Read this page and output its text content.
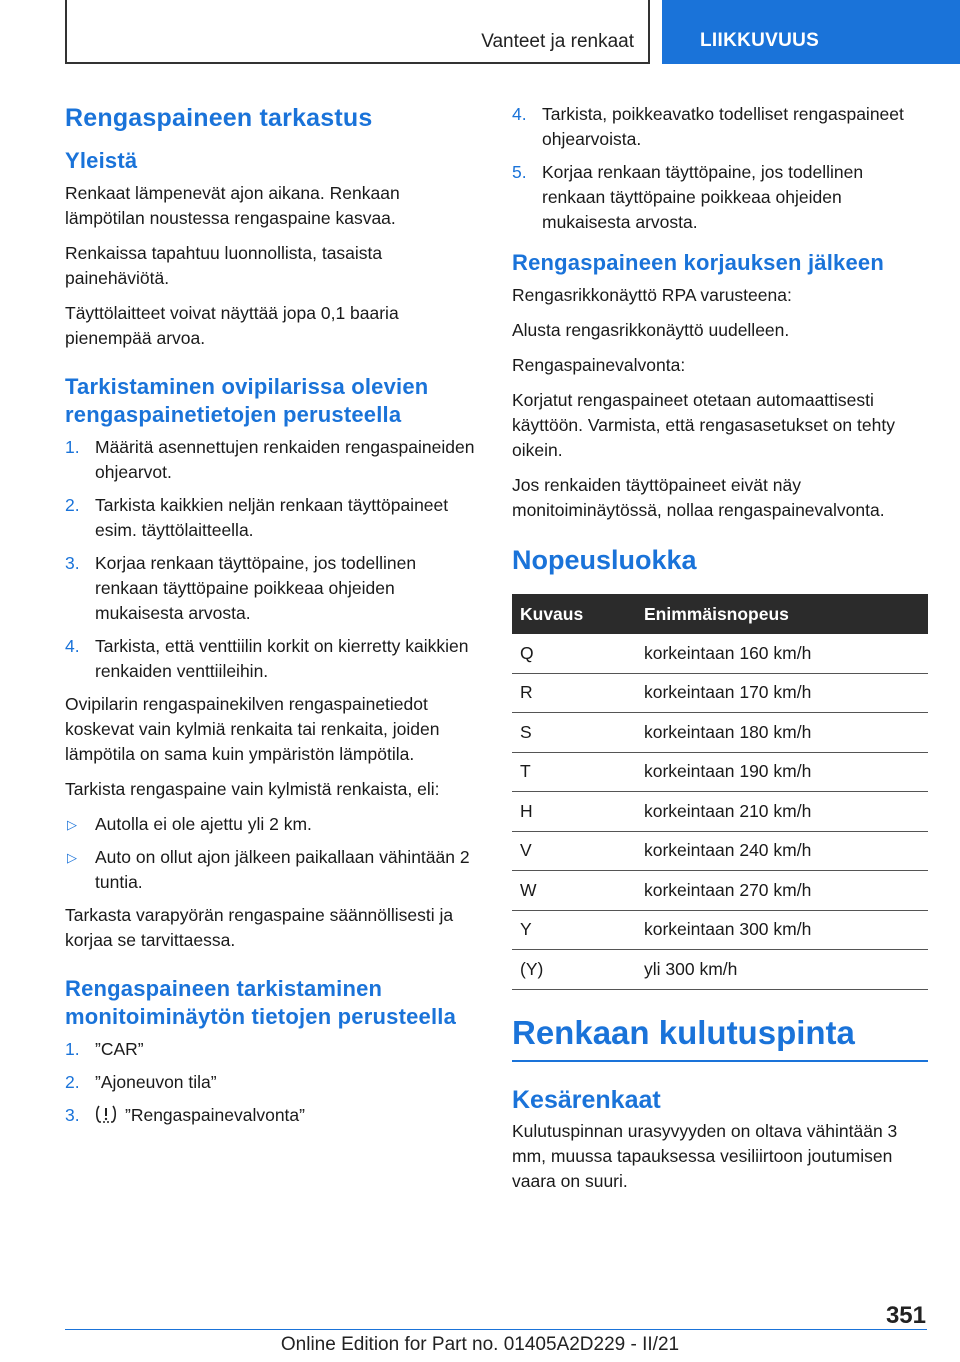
Vanteet ja renkaat	LIIKKUVUUS
Rengaspaineen tarkastus
Yleistä

Renkaat lämpenevät ajon aikana. Renkaan lämpötilan noustessa rengaspaine kasvaa.

Renkaissa tapahtuu luonnollista, tasaista painehäviötä.

Täyttölaitteet voivat näyttää jopa 0,1 baaria pienempää arvoa.

Tarkistaminen ovipilarissa olevien rengaspainetietojen perusteella
1. Määritä asennettujen renkaiden rengaspaineiden ohjearvot.
2. Tarkista kaikkien neljän renkaan täyttöpaineet esim. täyttölaitteella.
3. Korjaa renkaan täyttöpaine, jos todellinen renkaan täyttöpaine poikkeaa ohjeiden mukaisesta arvosta.
4. Tarkista, että venttiilin korkit on kierretty kaikkien renkaiden venttiileihin.

Ovipilarin rengaspainekilven rengaspainetiedot koskevat vain kylmiä renkaita tai renkaita, joiden lämpötila on sama kuin ympäristön lämpötila.

Tarkista rengaspaine vain kylmistä renkaista, eli:

▷ Autolla ei ole ajettu yli 2 km.
▷ Auto on ollut ajon jälkeen paikallaan vähintään 2 tuntia.

Tarkasta varapyörän rengaspaine säännöllisesti ja korjaa se tarvittaessa.

Rengaspaineen tarkistaminen monitoiminäytön tietojen perusteella
1. ”CAR”
2. ”Ajoneuvon tila”
3.	”Rengaspainevalvonta”
4. Tarkista, poikkeavatko todelliset rengaspaineet ohjearvoista.
5. Korjaa renkaan täyttöpaine, jos todellinen renkaan täyttöpaine poikkeaa ohjeiden mukaisesta arvosta.
Rengaspaineen korjauksen jälkeen

Rengasrikkonäyttö RPA varusteena:

Alusta rengasrikkonäyttö uudelleen.

Rengaspainevalvonta:

Korjatut rengaspaineet otetaan automaattisesti käyttöön. Varmista, että rengasasetukset on tehty oikein.

Jos renkaiden täyttöpaineet eivät näy monitoiminäytössä, nollaa rengaspainevalvonta.

Nopeusluokka
Kuvaus	Enimmäisnopeus
Q	korkeintaan 160 km/h
R	korkeintaan 170 km/h
S	korkeintaan 180 km/h
T	korkeintaan 190 km/h
H	korkeintaan 210 km/h
V	korkeintaan 240 km/h
W	korkeintaan 270 km/h
Y	korkeintaan 300 km/h
(Y)	yli 300 km/h
Renkaan kulutuspinta
Kesärenkaat

Kulutuspinnan urasyvyyden on oltava vähintään 3 mm, muussa tapauksessa vesiliirtoon joutumisen vaara on suuri.

351
Online Edition for Part no. 01405A2D229 - II/21
